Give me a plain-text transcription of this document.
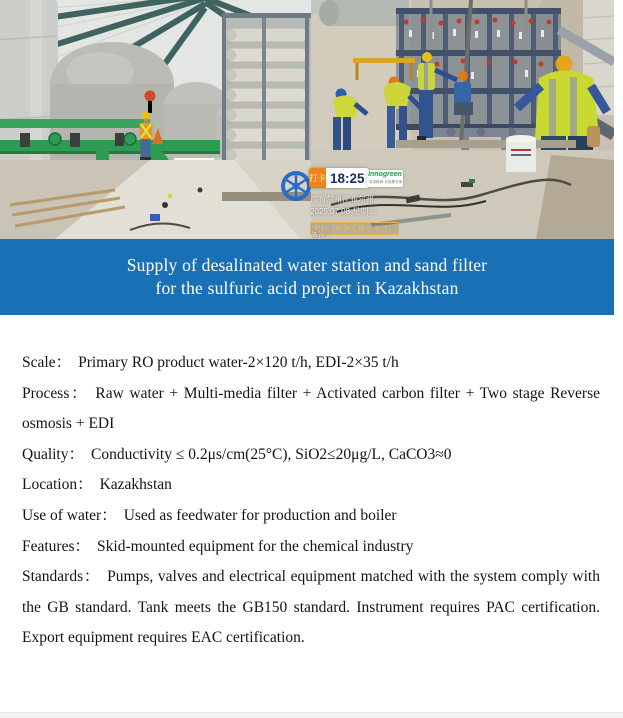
打卡 18:25 Innogreen
英诺格林 水处理专家
江布尔州江布尔州
2025.07.08 星期二
天辰（哈萨克斯坦项目）
备注:
Supply of desalinated water station and sand filter
for the sulfuric acid project in Kazakhstan

Scale： Primary RO product water-2×120 t/h, EDI-2×35 t/h

Process： Raw water + Multi-media filter + Activated carbon filter + Two stage Reverse osmosis + EDI

Quality： Conductivity ≤ 0.2μs/cm(25°C), SiO2≤20μg/L, CaCO3≈0

Location： Kazakhstan

Use of water： Used as feedwater for production and boiler

Features： Skid-mounted equipment for the chemical industry

Standards： Pumps, valves and electrical equipment matched with the system comply with the GB standard. Tank meets the GB150 standard. Instrument requires PAC certification. Export equipment requires EAC certification.
